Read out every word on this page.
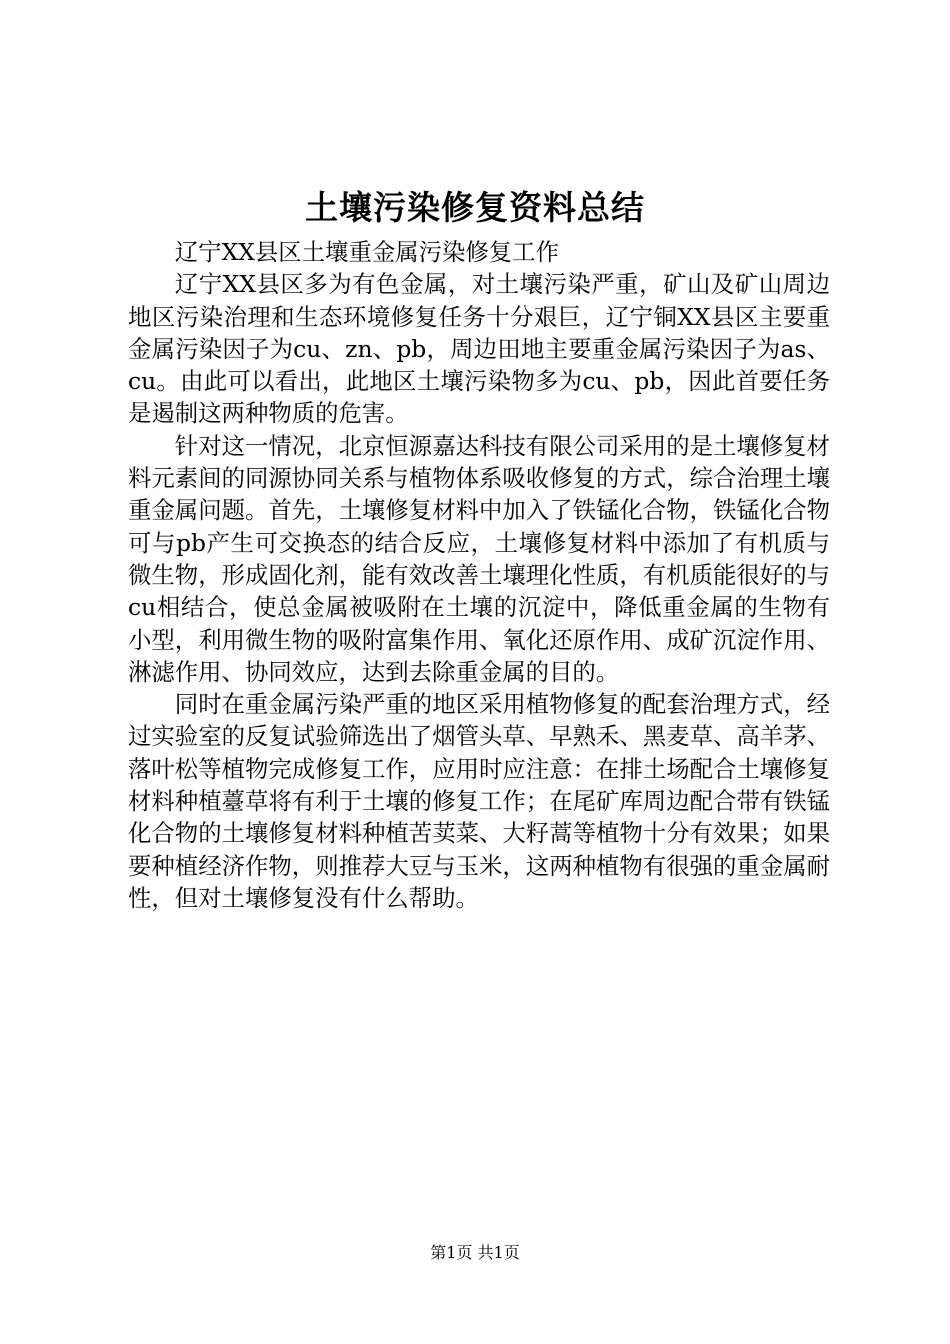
土壤污染修复资料总结

辽宁XX县区土壤重金属污染修复工作

辽宁XX县区多为有色金属，对土壤污染严重，矿山及矿山周边地区污染治理和生态环境修复任务十分艰巨，辽宁铜XX县区主要重金属污染因子为cu、zn、pb，周边田地主要重金属污染因子为as、cu。由此可以看出，此地区土壤污染物多为cu、pb，因此首要任务是遏制这两种物质的危害。

针对这一情况，北京恒源嘉达科技有限公司采用的是土壤修复材料元素间的同源协同关系与植物体系吸收修复的方式，综合治理土壤重金属问题。首先，土壤修复材料中加入了铁锰化合物，铁锰化合物可与pb产生可交换态的结合反应，土壤修复材料中添加了有机质与微生物，形成固化剂，能有效改善土壤理化性质，有机质能很好的与cu相结合，使总金属被吸附在土壤的沉淀中，降低重金属的生物有小型，利用微生物的吸附富集作用、氧化还原作用、成矿沉淀作用、淋滤作用、协同效应，达到去除重金属的目的。

同时在重金属污染严重的地区采用植物修复的配套治理方式，经过实验室的反复试验筛选出了烟管头草、早熟禾、黑麦草、高羊茅、落叶松等植物完成修复工作，应用时应注意：在排土场配合土壤修复材料种植薹草将有利于土壤的修复工作；在尾矿库周边配合带有铁锰化合物的土壤修复材料种植苦荬菜、大籽蒿等植物十分有效果；如果要种植经济作物，则推荐大豆与玉米，这两种植物有很强的重金属耐性，但对土壤修复没有什么帮助。

第1页 共1页
